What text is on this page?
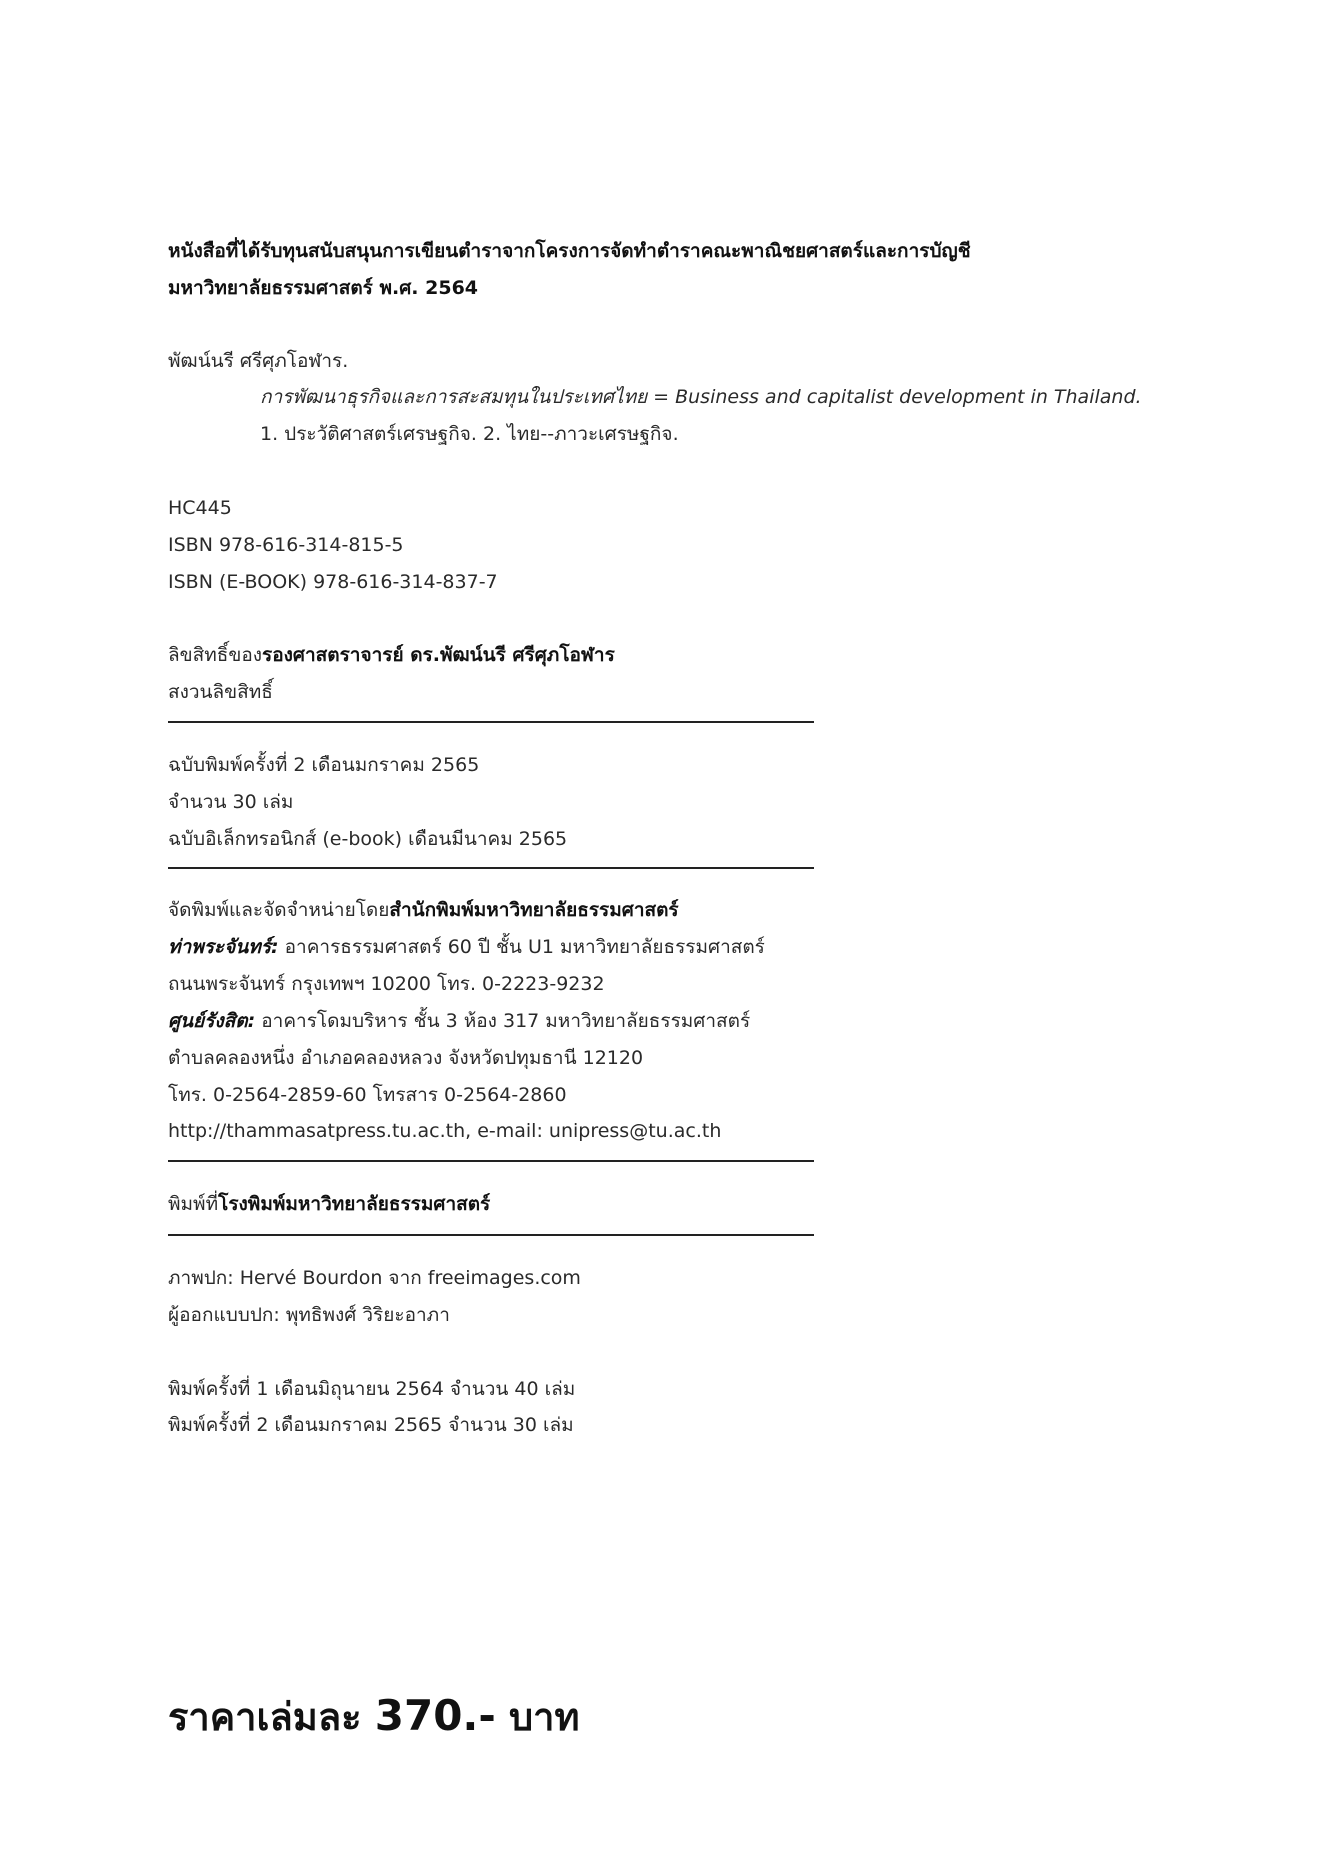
หนังสือที่ได้รับทุนสนับสนุนการเขียนตำราจากโครงการจัดทำตำราคณะพาณิชยศาสตร์และการบัญชี
มหาวิทยาลัยธรรมศาสตร์ พ.ศ. 2564
พัฒน์นรี ศรีศุภโอฬาร.
การพัฒนาธุรกิจและการสะสมทุนในประเทศไทย = Business and capitalist development in Thailand.
1. ประวัติศาสตร์เศรษฐกิจ. 2. ไทย--ภาวะเศรษฐกิจ.
HC445
ISBN 978-616-314-815-5
ISBN (E-BOOK) 978-616-314-837-7
ลิขสิทธิ์ของรองศาสตราจารย์ ดร.พัฒน์นรี ศรีศุภโอฬาร
สงวนลิขสิทธิ์
ฉบับพิมพ์ครั้งที่ 2 เดือนมกราคม 2565
จำนวน 30 เล่ม
ฉบับอิเล็กทรอนิกส์ (e-book) เดือนมีนาคม 2565
จัดพิมพ์และจัดจำหน่ายโดยสำนักพิมพ์มหาวิทยาลัยธรรมศาสตร์
ท่าพระจันทร์: อาคารธรรมศาสตร์ 60 ปี ชั้น U1 มหาวิทยาลัยธรรมศาสตร์
ถนนพระจันทร์ กรุงเทพฯ 10200 โทร. 0-2223-9232
ศูนย์รังสิต: อาคารโดมบริหาร ชั้น 3 ห้อง 317 มหาวิทยาลัยธรรมศาสตร์
ตำบลคลองหนึ่ง อำเภอคลองหลวง จังหวัดปทุมธานี 12120
โทร. 0-2564-2859-60 โทรสาร 0-2564-2860
http://thammasatpress.tu.ac.th, e-mail: unipress@tu.ac.th
พิมพ์ที่โรงพิมพ์มหาวิทยาลัยธรรมศาสตร์
ภาพปก: Hervé Bourdon จาก freeimages.com
ผู้ออกแบบปก: พุทธิพงศ์ วิริยะอาภา
พิมพ์ครั้งที่ 1 เดือนมิถุนายน 2564 จำนวน 40 เล่ม
พิมพ์ครั้งที่ 2 เดือนมกราคม 2565 จำนวน 30 เล่ม
ราคาเล่มละ 370.- บาท
